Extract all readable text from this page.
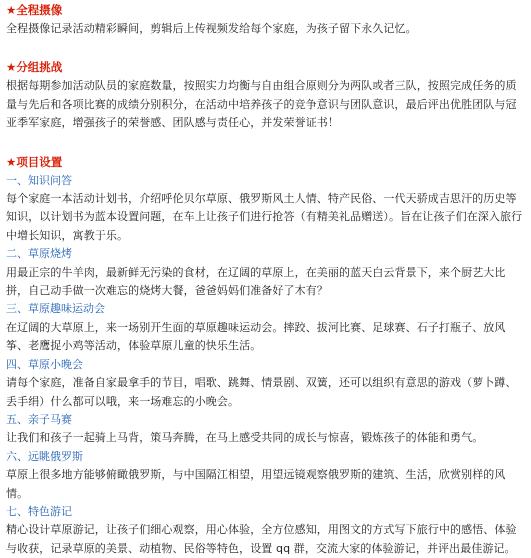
★全程摄像

全程摄像记录活动精彩瞬间，剪辑后上传视频发给每个家庭，为孩子留下永久记忆。

★分组挑战

根据每期参加活动队员的家庭数量，按照实力均衡与自由组合原则分为两队或者三队，按照完成任务的质量与先后和各项比赛的成绩分别积分，在活动中培养孩子的竞争意识与团队意识，最后评出优胜团队与冠亚季军家庭，增强孩子的荣誉感、团队感与责任心，并发荣誉证书！

★项目设置
一、知识问答

每个家庭一本活动计划书，介绍呼伦贝尔草原、俄罗斯风土人情、特产民俗、一代天骄成吉思汗的历史等知识，以计划书为蓝本设置问题，在车上让孩子们进行抢答（有精美礼品赠送）。旨在让孩子们在深入旅行中增长知识，寓教于乐。

二、草原烧烤

用最正宗的牛羊肉，最新鲜无污染的食材，在辽阔的草原上，在美丽的蓝天白云背景下，来个厨艺大比拼，自己动手做一次难忘的烧烤大餐，爸爸妈妈们准备好了木有？

三、草原趣味运动会

在辽阔的大草原上，来一场别开生面的草原趣味运动会。摔跤、拔河比赛、足球赛、石子打瓶子、放风筝、老鹰捉小鸡等活动，体验草原儿童的快乐生活。

四、草原小晚会

请每个家庭，准备自家最拿手的节目，唱歌、跳舞、情景剧、双簧，还可以组织有意思的游戏（萝卜蹲、丢手绢）什么都可以哦，来一场难忘的小晚会。

五、亲子马赛

让我们和孩子一起骑上马背，策马奔腾，在马上感受共同的成长与惊喜，锻炼孩子的体能和勇气。

六、远眺俄罗斯

草原上很多地方能够俯瞰俄罗斯，与中国隔江相望，用望远镜观察俄罗斯的建筑、生活，欣赏别样的风情。

七、特色游记

精心设计草原游记，让孩子们细心观察，用心体验，全方位感知，用图文的方式写下旅行中的感悟、体验与收获，记录草原的美景、动植物、民俗等特色，设置 qq 群，交流大家的体验游记，并评出最佳游记。
